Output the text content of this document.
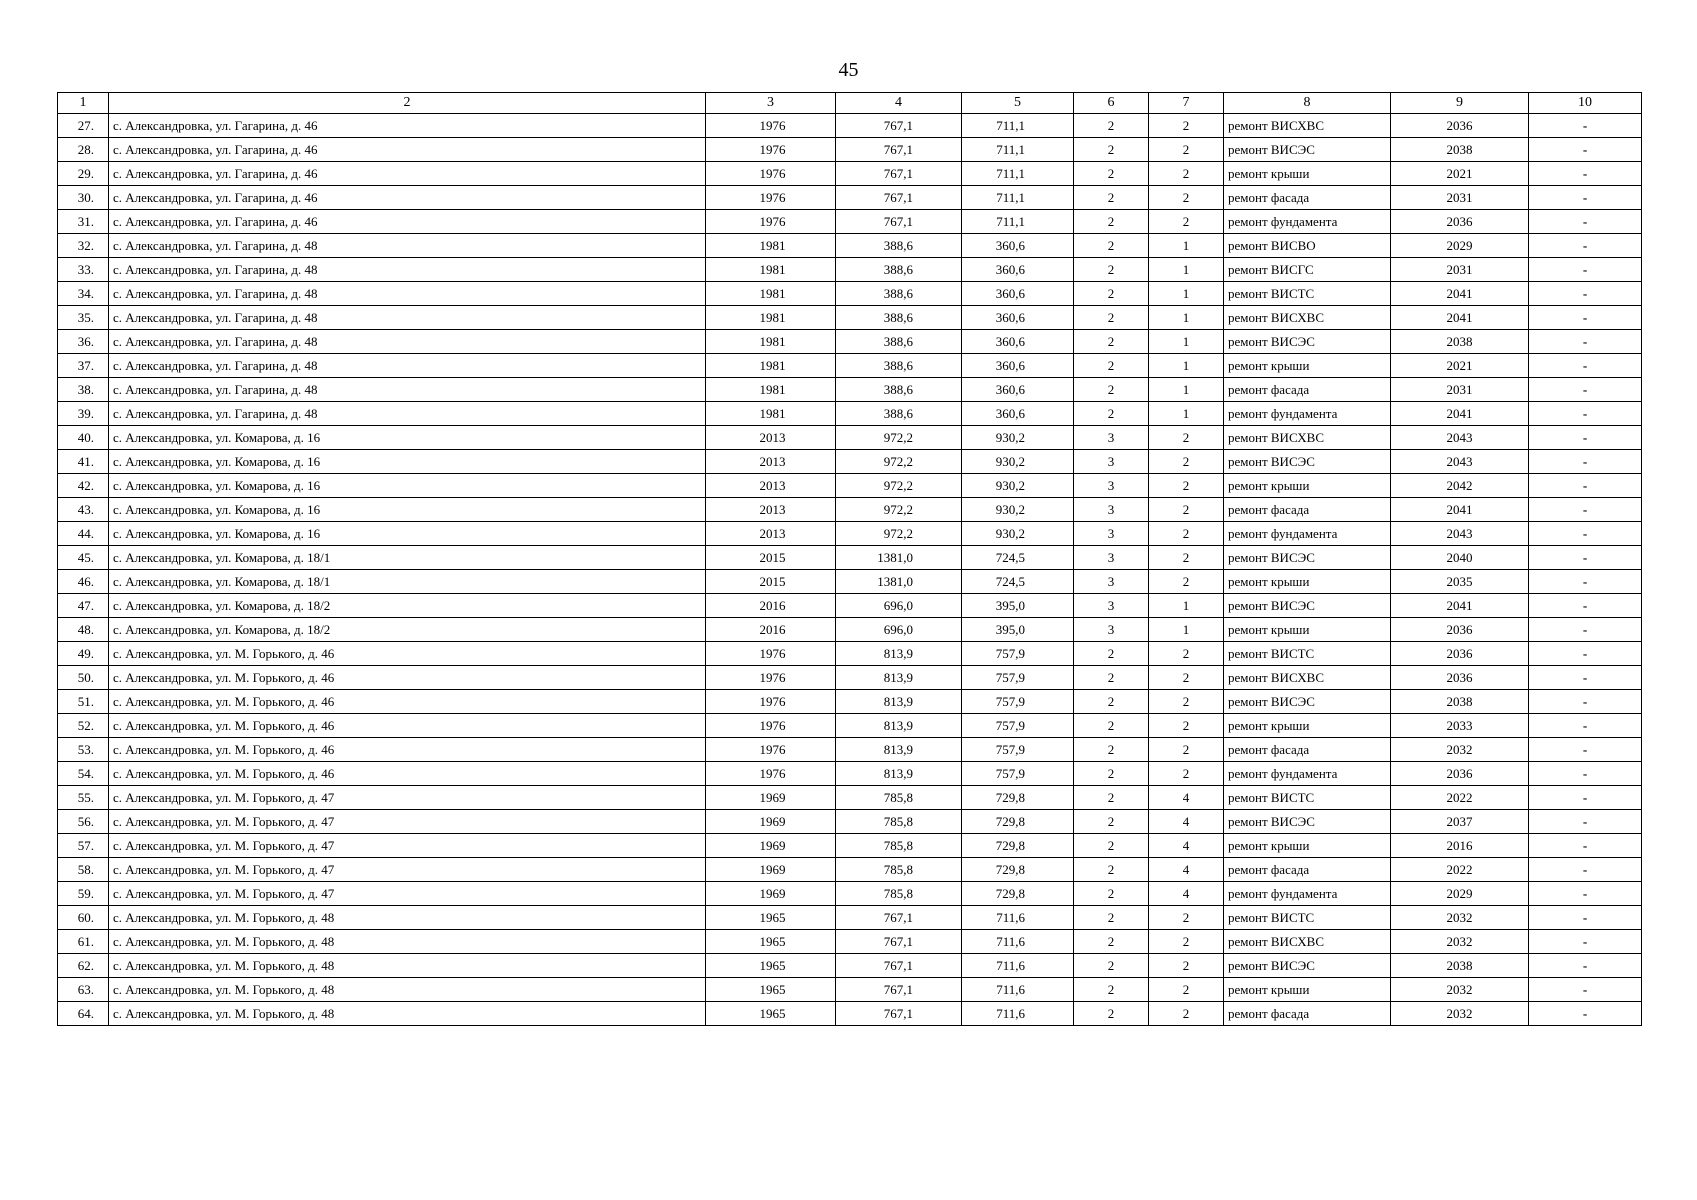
45
1	2	3	4	5	6	7	8	9	10
27.	с. Александровка, ул. Гагарина, д. 46	1976	767,1	711,1	2	2	ремонт ВИСХВС	2036	-
28.	с. Александровка, ул. Гагарина, д. 46	1976	767,1	711,1	2	2	ремонт ВИСЭС	2038	-
29.	с. Александровка, ул. Гагарина, д. 46	1976	767,1	711,1	2	2	ремонт крыши	2021	-
30.	с. Александровка, ул. Гагарина, д. 46	1976	767,1	711,1	2	2	ремонт фасада	2031	-
31.	с. Александровка, ул. Гагарина, д. 46	1976	767,1	711,1	2	2	ремонт фундамента	2036	-
32.	с. Александровка, ул. Гагарина, д. 48	1981	388,6	360,6	2	1	ремонт ВИСВО	2029	-
33.	с. Александровка, ул. Гагарина, д. 48	1981	388,6	360,6	2	1	ремонт ВИСГС	2031	-
34.	с. Александровка, ул. Гагарина, д. 48	1981	388,6	360,6	2	1	ремонт ВИСТС	2041	-
35.	с. Александровка, ул. Гагарина, д. 48	1981	388,6	360,6	2	1	ремонт ВИСХВС	2041	-
36.	с. Александровка, ул. Гагарина, д. 48	1981	388,6	360,6	2	1	ремонт ВИСЭС	2038	-
37.	с. Александровка, ул. Гагарина, д. 48	1981	388,6	360,6	2	1	ремонт крыши	2021	-
38.	с. Александровка, ул. Гагарина, д. 48	1981	388,6	360,6	2	1	ремонт фасада	2031	-
39.	с. Александровка, ул. Гагарина, д. 48	1981	388,6	360,6	2	1	ремонт фундамента	2041	-
40.	с. Александровка, ул. Комарова, д. 16	2013	972,2	930,2	3	2	ремонт ВИСХВС	2043	-
41.	с. Александровка, ул. Комарова, д. 16	2013	972,2	930,2	3	2	ремонт ВИСЭС	2043	-
42.	с. Александровка, ул. Комарова, д. 16	2013	972,2	930,2	3	2	ремонт крыши	2042	-
43.	с. Александровка, ул. Комарова, д. 16	2013	972,2	930,2	3	2	ремонт фасада	2041	-
44.	с. Александровка, ул. Комарова, д. 16	2013	972,2	930,2	3	2	ремонт фундамента	2043	-
45.	с. Александровка, ул. Комарова, д. 18/1	2015	1381,0	724,5	3	2	ремонт ВИСЭС	2040	-
46.	с. Александровка, ул. Комарова, д. 18/1	2015	1381,0	724,5	3	2	ремонт крыши	2035	-
47.	с. Александровка, ул. Комарова, д. 18/2	2016	696,0	395,0	3	1	ремонт ВИСЭС	2041	-
48.	с. Александровка, ул. Комарова, д. 18/2	2016	696,0	395,0	3	1	ремонт крыши	2036	-
49.	с. Александровка, ул. М. Горького, д. 46	1976	813,9	757,9	2	2	ремонт ВИСТС	2036	-
50.	с. Александровка, ул. М. Горького, д. 46	1976	813,9	757,9	2	2	ремонт ВИСХВС	2036	-
51.	с. Александровка, ул. М. Горького, д. 46	1976	813,9	757,9	2	2	ремонт ВИСЭС	2038	-
52.	с. Александровка, ул. М. Горького, д. 46	1976	813,9	757,9	2	2	ремонт крыши	2033	-
53.	с. Александровка, ул. М. Горького, д. 46	1976	813,9	757,9	2	2	ремонт фасада	2032	-
54.	с. Александровка, ул. М. Горького, д. 46	1976	813,9	757,9	2	2	ремонт фундамента	2036	-
55.	с. Александровка, ул. М. Горького, д. 47	1969	785,8	729,8	2	4	ремонт ВИСТС	2022	-
56.	с. Александровка, ул. М. Горького, д. 47	1969	785,8	729,8	2	4	ремонт ВИСЭС	2037	-
57.	с. Александровка, ул. М. Горького, д. 47	1969	785,8	729,8	2	4	ремонт крыши	2016	-
58.	с. Александровка, ул. М. Горького, д. 47	1969	785,8	729,8	2	4	ремонт фасада	2022	-
59.	с. Александровка, ул. М. Горького, д. 47	1969	785,8	729,8	2	4	ремонт фундамента	2029	-
60.	с. Александровка, ул. М. Горького, д. 48	1965	767,1	711,6	2	2	ремонт ВИСТС	2032	-
61.	с. Александровка, ул. М. Горького, д. 48	1965	767,1	711,6	2	2	ремонт ВИСХВС	2032	-
62.	с. Александровка, ул. М. Горького, д. 48	1965	767,1	711,6	2	2	ремонт ВИСЭС	2038	-
63.	с. Александровка, ул. М. Горького, д. 48	1965	767,1	711,6	2	2	ремонт крыши	2032	-
64.	с. Александровка, ул. М. Горького, д. 48	1965	767,1	711,6	2	2	ремонт фасада	2032	-
